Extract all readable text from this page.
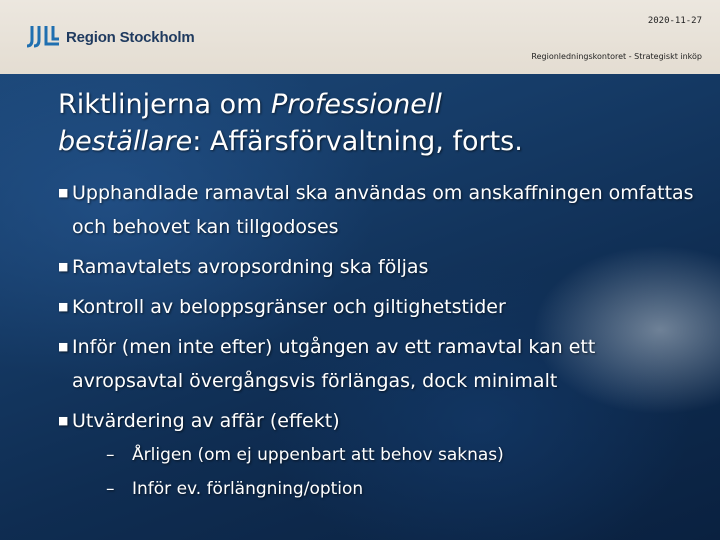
Region Stockholm
2020-11-27
Regionledningskontoret - Strategiskt inköp
Riktlinjerna om Professionell
beställare: Affärsförvaltning, forts.
■ Upphandlade ramavtal ska användas om anskaffningen omfattas och behovet kan tillgodoses
■ Ramavtalets avropsordning ska följas
■ Kontroll av beloppsgränser och giltighetstider
■ Inför (men inte efter) utgången av ett ramavtal kan ett avropsavtal övergångsvis förlängas, dock minimalt
■ Utvärdering av affär (effekt)
– Årligen (om ej uppenbart att behov saknas)
– Inför ev. förlängning/option
